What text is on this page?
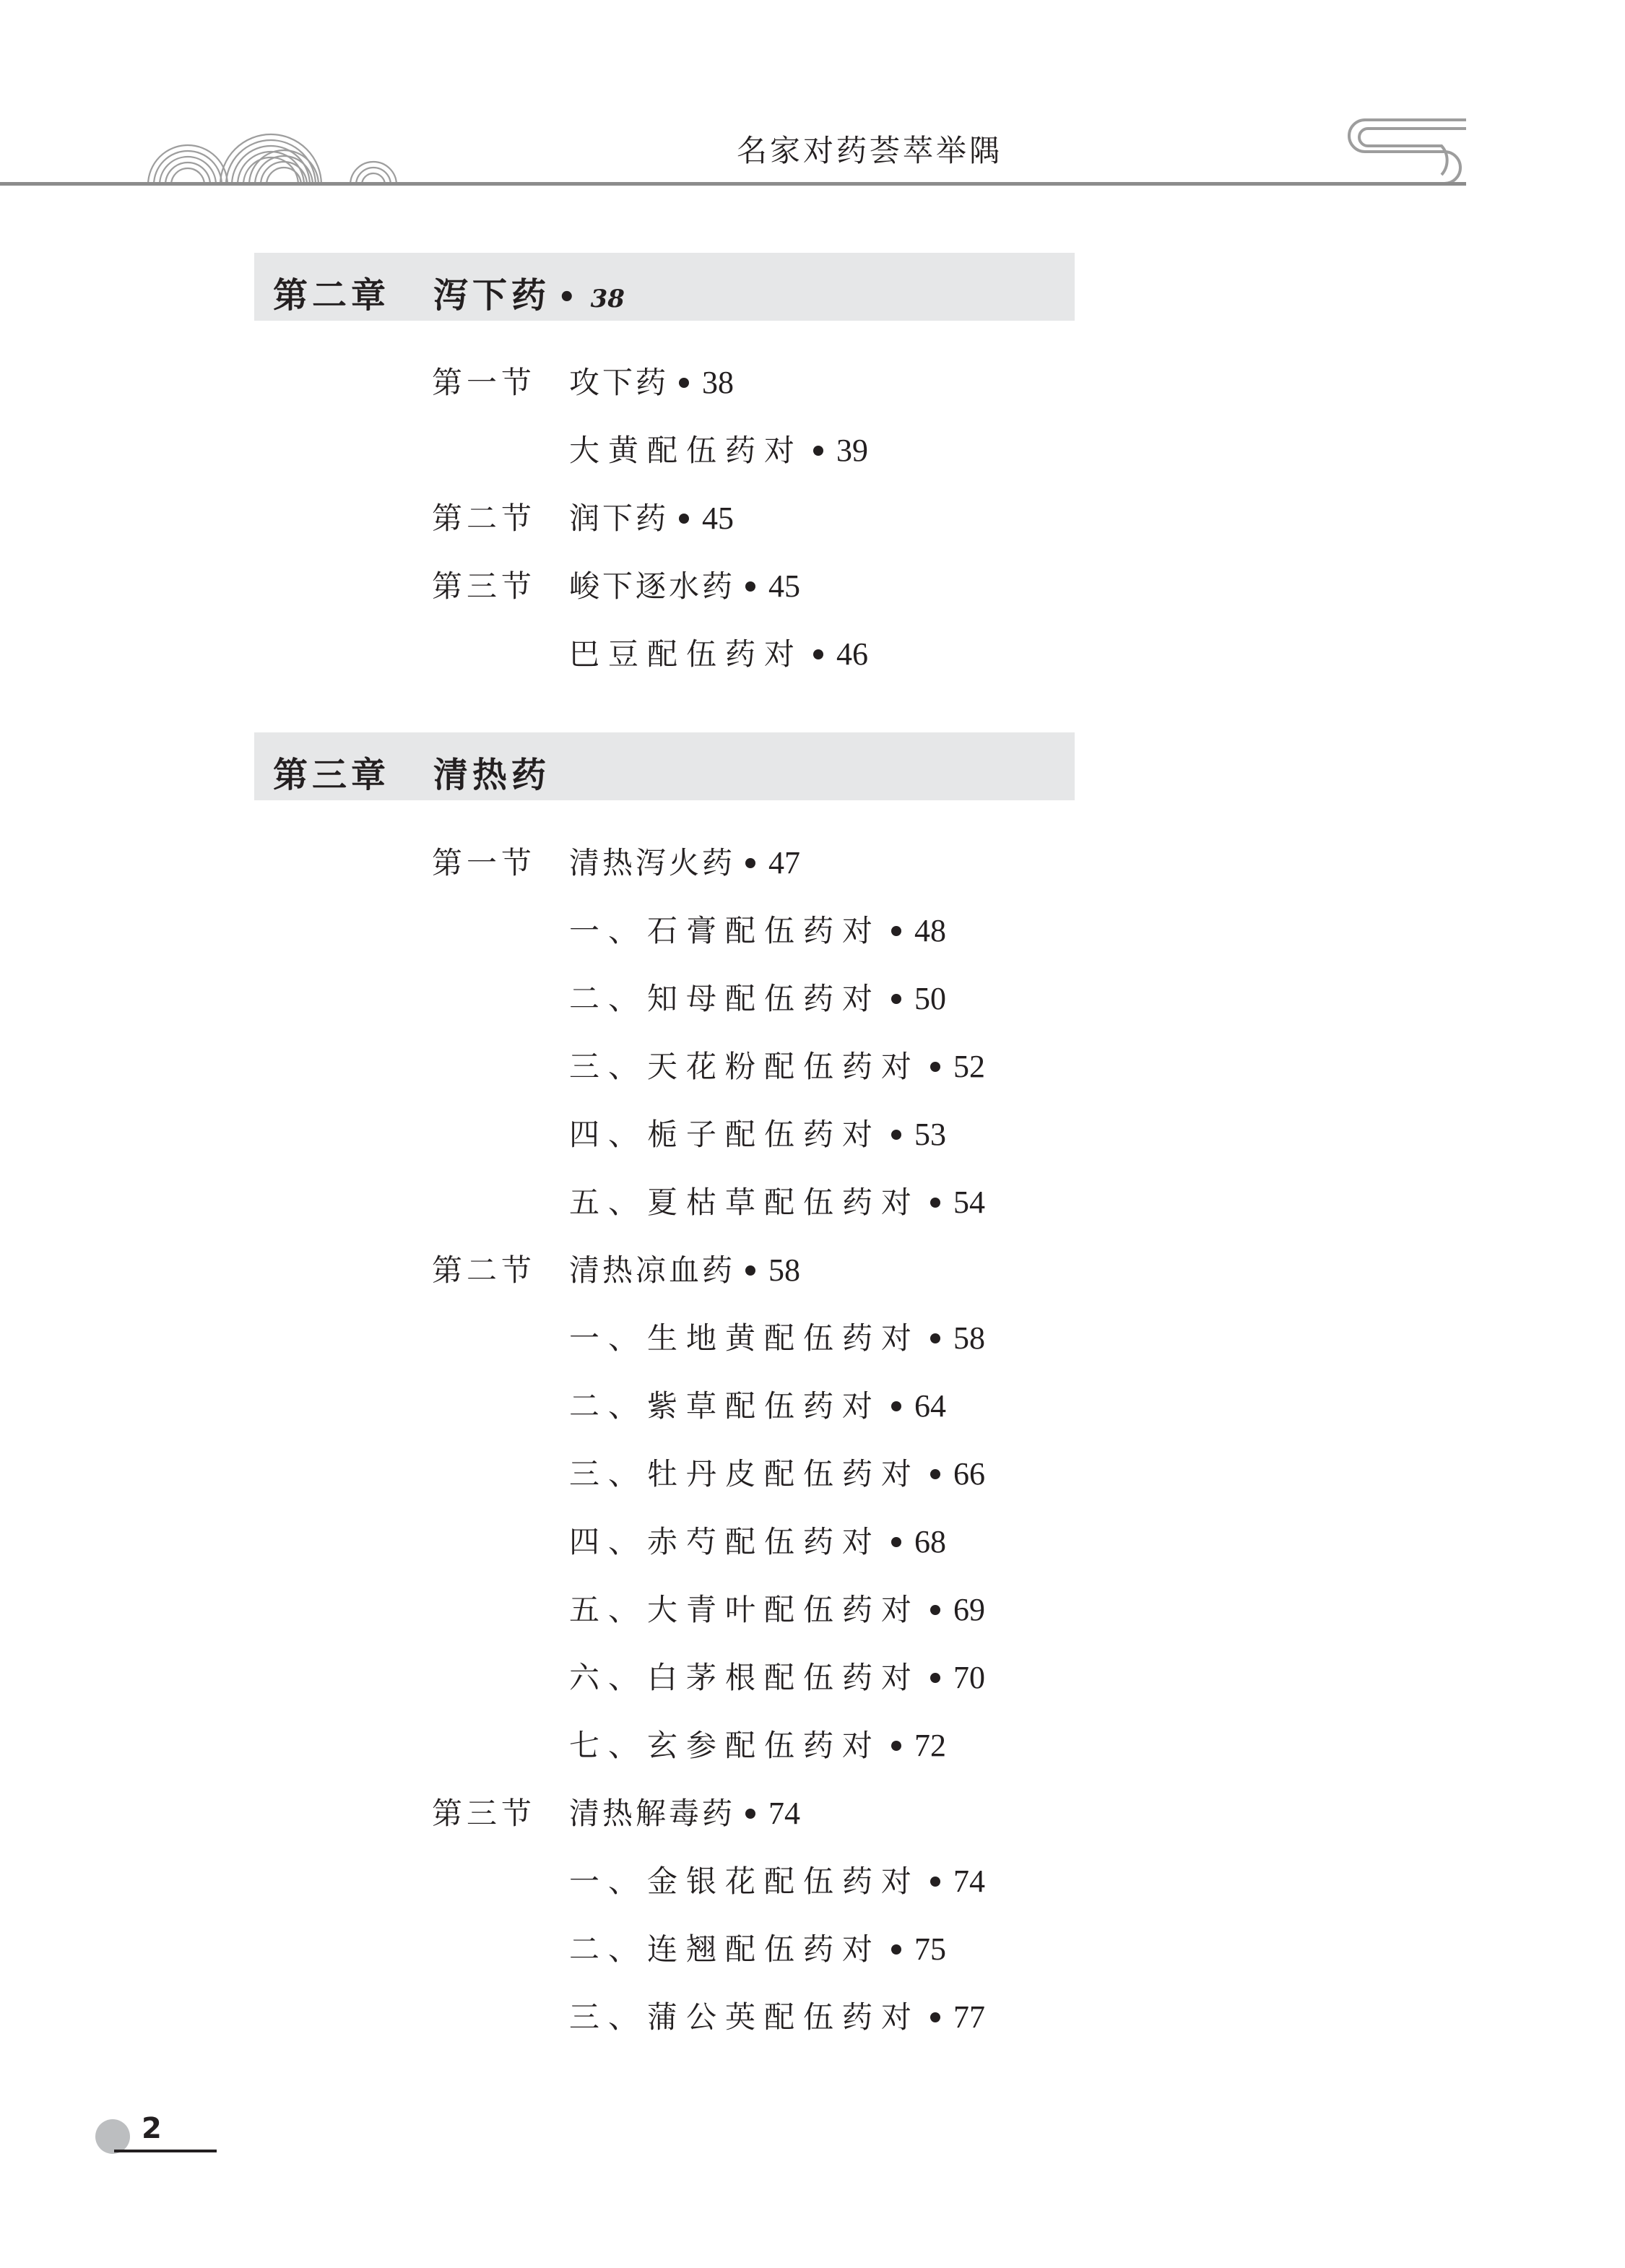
名家对药荟萃举隅
第二章 泻下药 • 38
第一节 攻下药 38
大黄配伍药对 39
第二节 润下药 45
第三节 峻下逐水药 45
巴豆配伍药对 46
第三章 清热药
第一节 清热泻火药 47
一、石膏配伍药对 48
二、知母配伍药对 50
三、天花粉配伍药对 52
四、栀子配伍药对 53
五、夏枯草配伍药对 54
第二节 清热凉血药 58
一、生地黄配伍药对 58
二、紫草配伍药对 64
三、牡丹皮配伍药对 66
四、赤芍配伍药对 68
五、大青叶配伍药对 69
六、白茅根配伍药对 70
七、玄参配伍药对 72
第三节 清热解毒药 74
一、金银花配伍药对 74
二、连翘配伍药对 75
三、蒲公英配伍药对 77
2
